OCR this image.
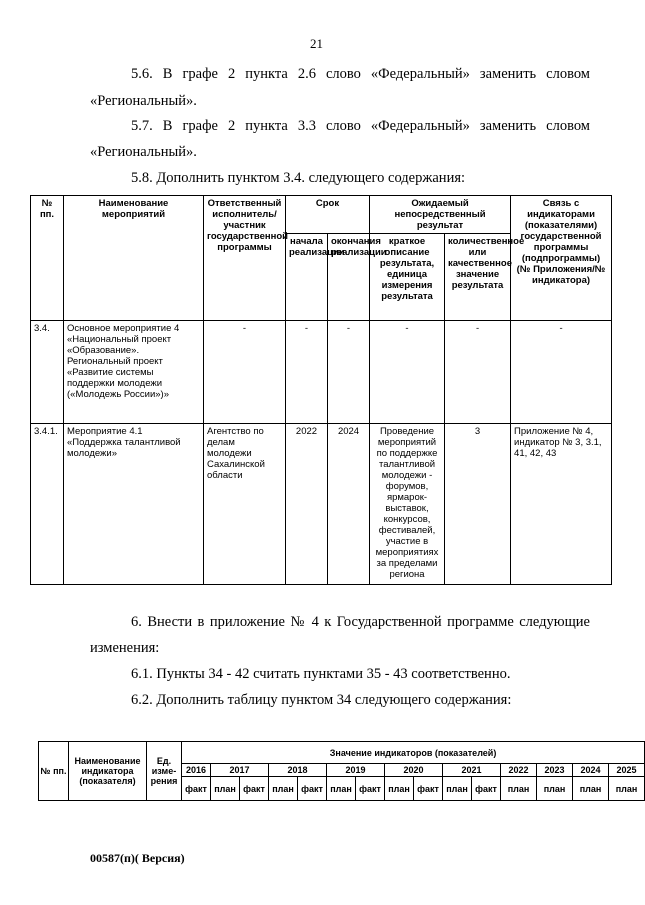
21
5.6. В графе 2 пункта 2.6 слово «Федеральный» заменить словом
«Региональный».
5.7. В графе 2 пункта 3.3 слово «Федеральный» заменить словом
«Региональный».
5.8. Дополнить пунктом 3.4. следующего содержания:
№ пп.	Наименование мероприятий	Ответственный исполнитель/участник государственной программы	Срок		Ожидаемый непосредственный результат		Связь с индикаторами (показателями) государственной программы (подпрограммы) (№ Приложения/№ индикатора)
			начала реализации	окончания реализации	краткое описание результата, единица измерения результата	количественное или качественное значение результата	
3.4.	Основное мероприятие 4 «Национальный проект «Образование». Региональный проект «Развитие системы поддержки молодежи («Молодежь России»)»	-	-	-	-	-	-
3.4.1.	Мероприятие 4.1 «Поддержка талантливой молодежи»	Агентство по делам молодежи Сахалинской области	2022	2024	Проведение мероприятий по поддержке талантливой молодежи - форумов, ярмарок-выставок, конкурсов, фестивалей, участие в мероприятиях за пределами региона	3	Приложение № 4, индикатор № 3, 3.1, 41, 42, 43
6. Внести в приложение № 4 к Государственной программе следующие
изменения:
6.1. Пункты 34 - 42 считать пунктами 35 - 43 соответственно.
6.2. Дополнить таблицу пунктом 34 следующего содержания:
№ пп.	Наименование индикатора (показателя)	Ед. изме-рения	Значение индикаторов (показателей)														
			2016	2017		2018		2019		2020		2021		2022	2023	2024	2025
			факт	план	факт	план	факт	план	факт	план	факт	план	факт	план	план	план	план
00587(п)( Версия)
